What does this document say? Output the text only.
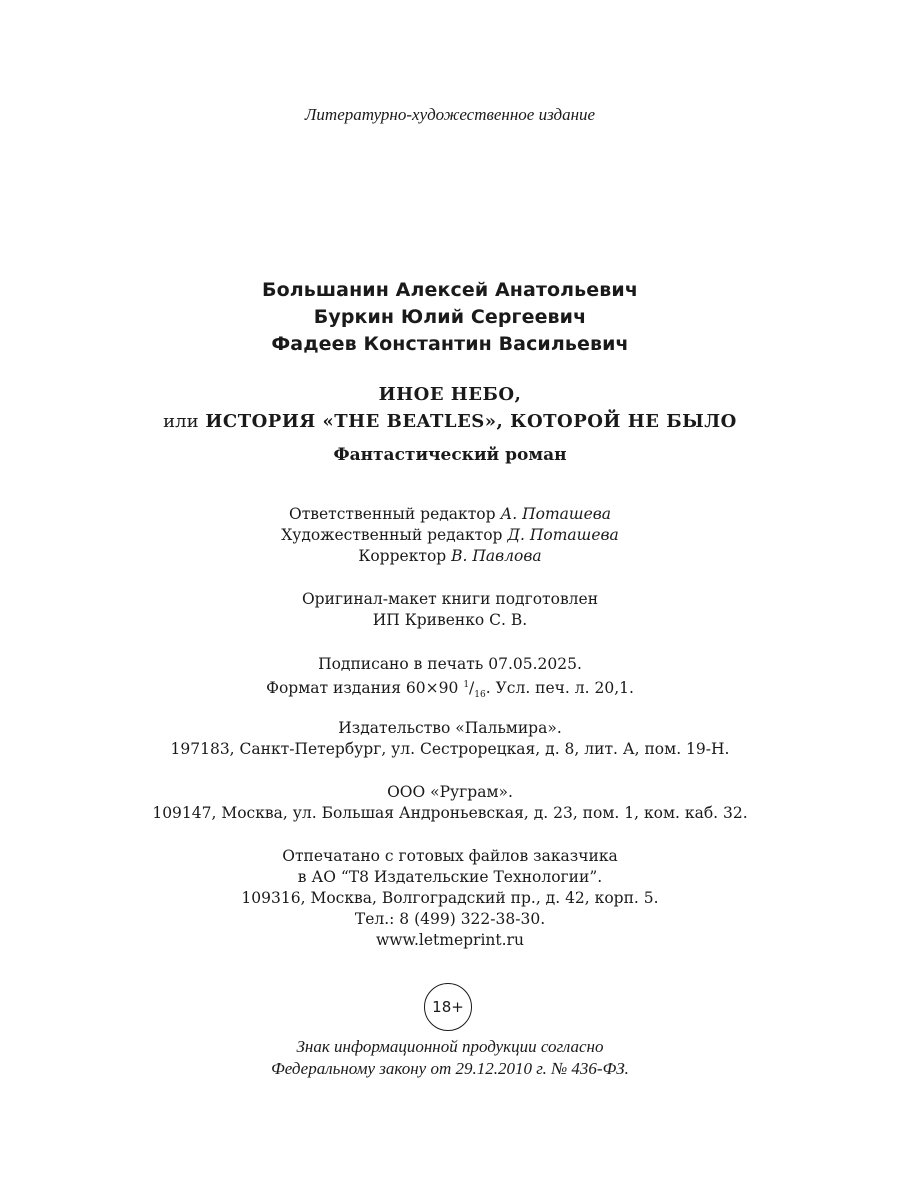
Литературно-художественное издание
Большанин Алексей Анатольевич
Буркин Юлий Сергеевич
Фадеев Константин Васильевич
ИНОЕ НЕБО,
или ИСТОРИЯ «THE BEATLES», КОТОРОЙ НЕ БЫЛО
Фантастический роман
Ответственный редактор А. Поташева
Художественный редактор Д. Поташева
Корректор В. Павлова
Оригинал-макет книги подготовлен
ИП Кривенко С. В.
Подписано в печать 07.05.2025.
Формат издания 60×90 $^1/_{16}$. Усл. печ. л. 20,1.
Издательство «Пальмира».
197183, Санкт-Петербург, ул. Сестрорецкая, д. 8, лит. А, пом. 19-Н.
ООО «Руграм».
109147, Москва, ул. Большая Андроньевская, д. 23, пом. 1, ком. каб. 32.
Отпечатано с готовых файлов заказчика
в АО “Т8 Издательские Технологии”.
109316, Москва, Волгоградский пр., д. 42, корп. 5.
Тел.: 8 (499) 322-38-30.
www.letmeprint.ru
18+
Знак информационной продукции согласно
Федеральному закону от 29.12.2010 г. № 436-ФЗ.
